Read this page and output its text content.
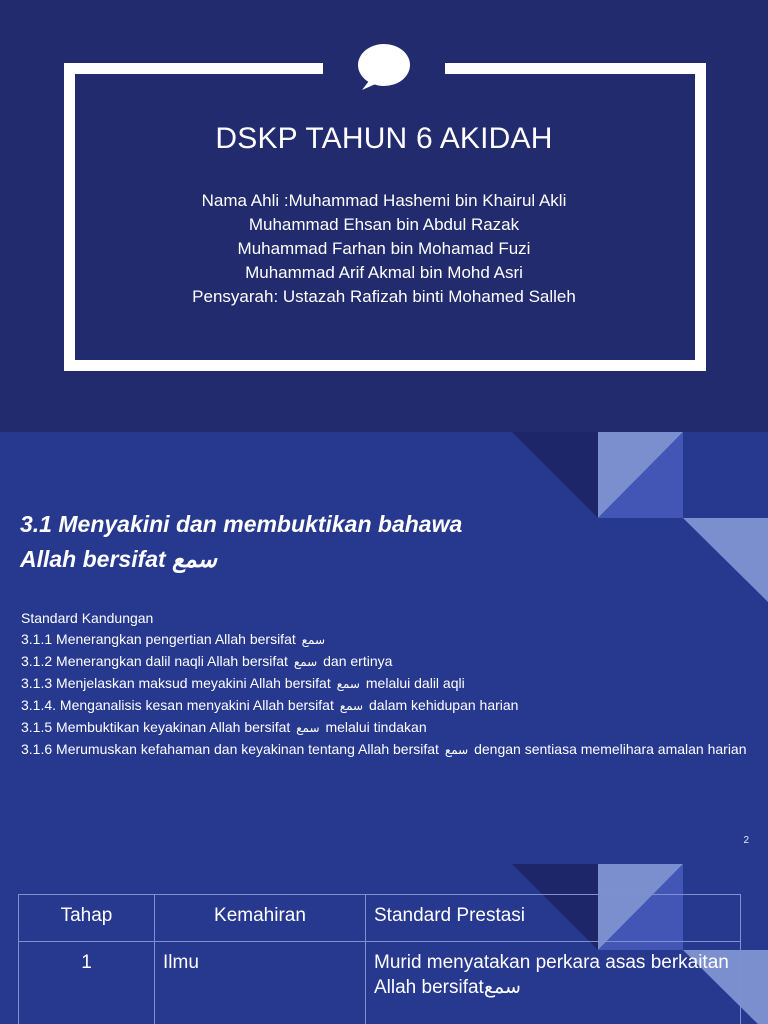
DSKP TAHUN 6 AKIDAH
Nama Ahli :Muhammad Hashemi bin Khairul Akli
Muhammad Ehsan bin Abdul Razak
Muhammad Farhan bin Mohamad Fuzi
Muhammad Arif Akmal bin Mohd Asri
Pensyarah: Ustazah Rafizah binti Mohamed Salleh
3.1 Menyakini dan membuktikan bahawa
Allah bersifat سمع
Standard Kandungan
3.1.1 Menerangkan pengertian Allah bersifat سمع
3.1.2 Menerangkan dalil naqli Allah bersifat سمع dan ertinya
3.1.3 Menjelaskan maksud meyakini Allah bersifat سمع melalui dalil aqli
3.1.4. Menganalisis kesan menyakini Allah bersifat سمع dalam kehidupan harian
3.1.5 Membuktikan keyakinan Allah bersifat سمع melalui tindakan
3.1.6 Merumuskan kefahaman dan keyakinan tentang Allah bersifat سمع dengan sentiasa memelihara amalan harian
2
Tahap	Kemahiran	Standard Prestasi
1	Ilmu	Murid menyatakan perkara asas berkaitan Allah bersifatسمع
